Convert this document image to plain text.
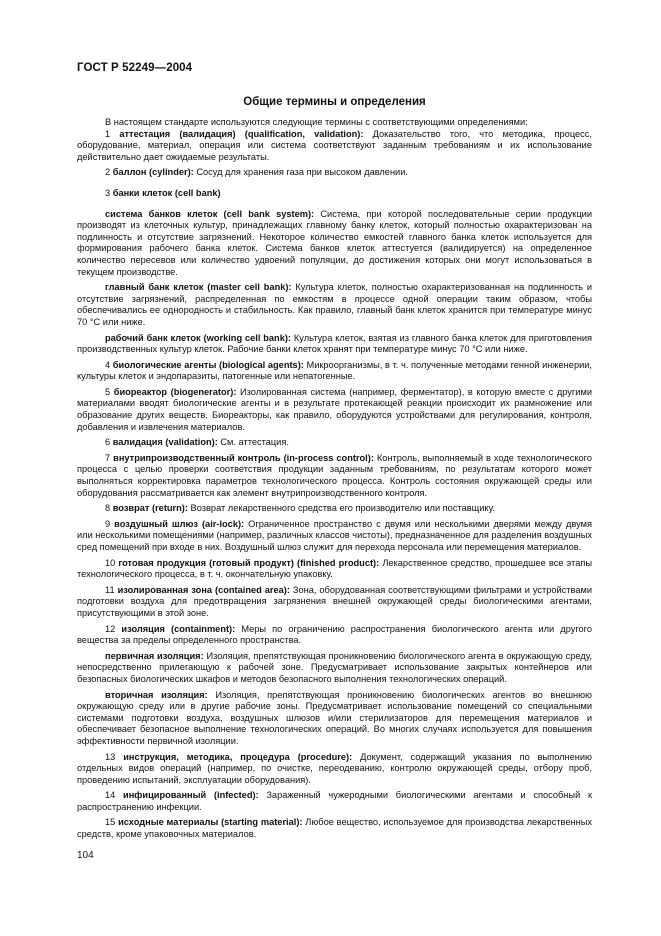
ГОСТ Р 52249—2004
Общие термины и определения

В настоящем стандарте используются следующие термины с соответствующими определениями:

1 аттестация (валидация) (qualification, validation): Доказательство того, что методика, процесс, оборудование, материал, операция или система соответствуют заданным требованиям и их использование действительно дает ожидаемые результаты.

2 баллон (cylinder): Сосуд для хранения газа при высоком давлении.

3 банки клеток (cell bank)

система банков клеток (cell bank system): Система, при которой последовательные серии продукции производят из клеточных культур, принадлежащих главному банку клеток, который полностью охарактеризован на подлинность и отсутствие загрязнений. Некоторое количество емкостей главного банка клеток используется для формирования рабочего банка клеток. Система банков клеток аттестуется (валидируется) на определенное количество пересевов или количество удвоений популяции, до достижения которых они могут использоваться в текущем производстве.

главный банк клеток (master cell bank): Культура клеток, полностью охарактеризованная на подлинность и отсутствие загрязнений, распределенная по емкостям в процессе одной операции таким образом, чтобы обеспечивались ее однородность и стабильность. Как правило, главный банк клеток хранится при температуре минус 70 °С или ниже.

рабочий банк клеток (working cell bank): Культура клеток, взятая из главного банка клеток для приготовления производственных культур клеток. Рабочие банки клеток хранят при температуре минус 70 °С или ниже.

4 биологические агенты (biological agents): Микроорганизмы, в т. ч. полученные методами генной инженерии, культуры клеток и эндопаразиты, патогенные или непатогенные.

5 биореактор (biogenerator): Изолированная система (например, ферментатор), в которую вместе с другими материалами вводят биологические агенты и в результате протекающей реакции происходит их размножение или образование других веществ. Биореакторы, как правило, оборудуются устройствами для регулирования, контроля, добавления и извлечения материалов.

6 валидация (validation): См. аттестация.

7 внутрипроизводственный контроль (in-process control): Контроль, выполняемый в ходе технологического процесса с целью проверки соответствия продукции заданным требованиям, по результатам которого может выполняться корректировка параметров технологического процесса. Контроль состояния окружающей среды или оборудования рассматривается как элемент внутрипроизводственного контроля.

8 возврат (return): Возврат лекарственного средства его производителю или поставщику.

9 воздушный шлюз (air-lock): Ограниченное пространство с двумя или несколькими дверями между двумя или несколькими помещениями (например, различных классов чистоты), предназначенное для разделения воздушных сред помещений при входе в них. Воздушный шлюз служит для перехода персонала или перемещения материалов.

10 готовая продукция (готовый продукт) (finished product): Лекарственное средство, прошедшее все этапы технологического процесса, в т. ч. окончательную упаковку.

11 изолированная зона (contained area): Зона, оборудованная соответствующими фильтрами и устройствами подготовки воздуха для предотвращения загрязнения внешней окружающей среды биологическими агентами, присутствующими в этой зоне.

12 изоляция (containment): Меры по ограничению распространения биологического агента или другого вещества за пределы определенного пространства.

первичная изоляция: Изоляция, препятствующая проникновению биологического агента в окружающую среду, непосредственно прилегающую к рабочей зоне. Предусматривает использование закрытых контейнеров или безопасных биологических шкафов и методов безопасного выполнения технологических операций.

вторичная изоляция: Изоляция, препятствующая проникновению биологических агентов во внешнюю окружающую среду или в другие рабочие зоны. Предусматривает использование помещений со специальными системами подготовки воздуха, воздушных шлюзов и/или стерилизаторов для перемещения материалов и обеспечивает безопасное выполнение технологических операций. Во многих случаях используется для повышения эффективности первичной изоляции.

13 инструкция, методика, процедура (procedure): Документ, содержащий указания по выполнению отдельных видов операций (например, по очистке, переодеванию, контролю окружающей среды, отбору проб, проведению испытаний, эксплуатации оборудования).

14 инфицированный (infected): Зараженный чужеродными биологическими агентами и способный к распространению инфекции.

15 исходные материалы (starting material): Любое вещество, используемое для производства лекарственных средств, кроме упаковочных материалов.

104
